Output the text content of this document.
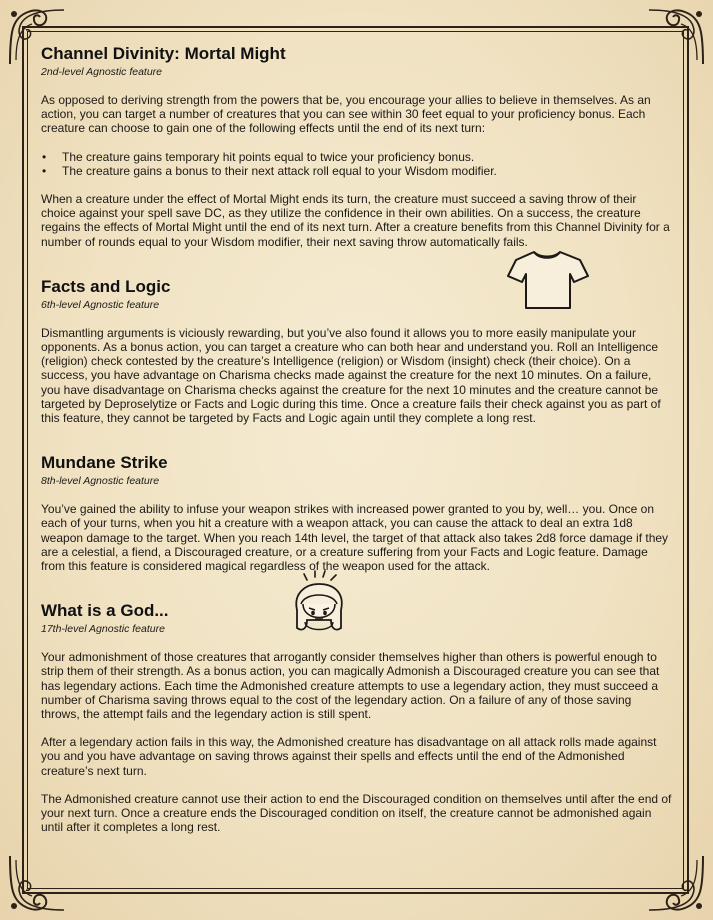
Channel Divinity: Mortal Might
2nd-level Agnostic feature

As opposed to deriving strength from the powers that be, you encourage your allies to believe in themselves. As an action, you can target a number of creatures that you can see within 30 feet equal to your proficiency bonus. Each creature can choose to gain one of the following effects until the end of its next turn:

• The creature gains temporary hit points equal to twice your proficiency bonus.
• The creature gains a bonus to their next attack roll equal to your Wisdom modifier.

When a creature under the effect of Mortal Might ends its turn, the creature must succeed a saving throw of their choice against your spell save DC, as they utilize the confidence in their own abilities. On a success, the creature regains the effects of Mortal Might until the end of its next turn. After a creature benefits from this Channel Divinity for a number of rounds equal to your Wisdom modifier, their next saving throw automatically fails.

Facts and Logic
6th-level Agnostic feature

Dismantling arguments is viciously rewarding, but you’ve also found it allows you to more easily manipulate your opponents. As a bonus action, you can target a creature who can both hear and understand you. Roll an Intelligence (religion) check contested by the creature’s Intelligence (religion) or Wisdom (insight) check (their choice). On a success, you have advantage on Charisma checks made against the creature for the next 10 minutes. On a failure, you have disadvantage on Charisma checks against the creature for the next 10 minutes and the creature cannot be targeted by Deproselytize or Facts and Logic during this time. Once a creature fails their check against you as part of this feature, they cannot be targeted by Facts and Logic again until they complete a long rest.

Mundane Strike
8th-level Agnostic feature

You’ve gained the ability to infuse your weapon strikes with increased power granted to you by, well… you. Once on each of your turns, when you hit a creature with a weapon attack, you can cause the attack to deal an extra 1d8 weapon damage to the target. When you reach 14th level, the target of that attack also takes 2d8 force damage if they are a celestial, a fiend, a Discouraged creature, or a creature suffering from your Facts and Logic feature. Damage from this feature is considered magical regardless of the weapon used for the attack.

What is a God...
17th-level Agnostic feature

Your admonishment of those creatures that arrogantly consider themselves higher than others is powerful enough to strip them of their strength. As a bonus action, you can magically Admonish a Discouraged creature you can see that has legendary actions. Each time the Admonished creature attempts to use a legendary action, they must succeed a number of Charisma saving throws equal to the cost of the legendary action. On a failure of any of those saving throws, the attempt fails and the legendary action is still spent.

After a legendary action fails in this way, the Admonished creature has disadvantage on all attack rolls made against you and you have advantage on saving throws against their spells and effects until the end of the Admonished creature’s next turn.

The Admonished creature cannot use their action to end the Discouraged condition on themselves until after the end of your next turn. Once a creature ends the Discouraged condition on itself, the creature cannot be admonished again until after it completes a long rest.
